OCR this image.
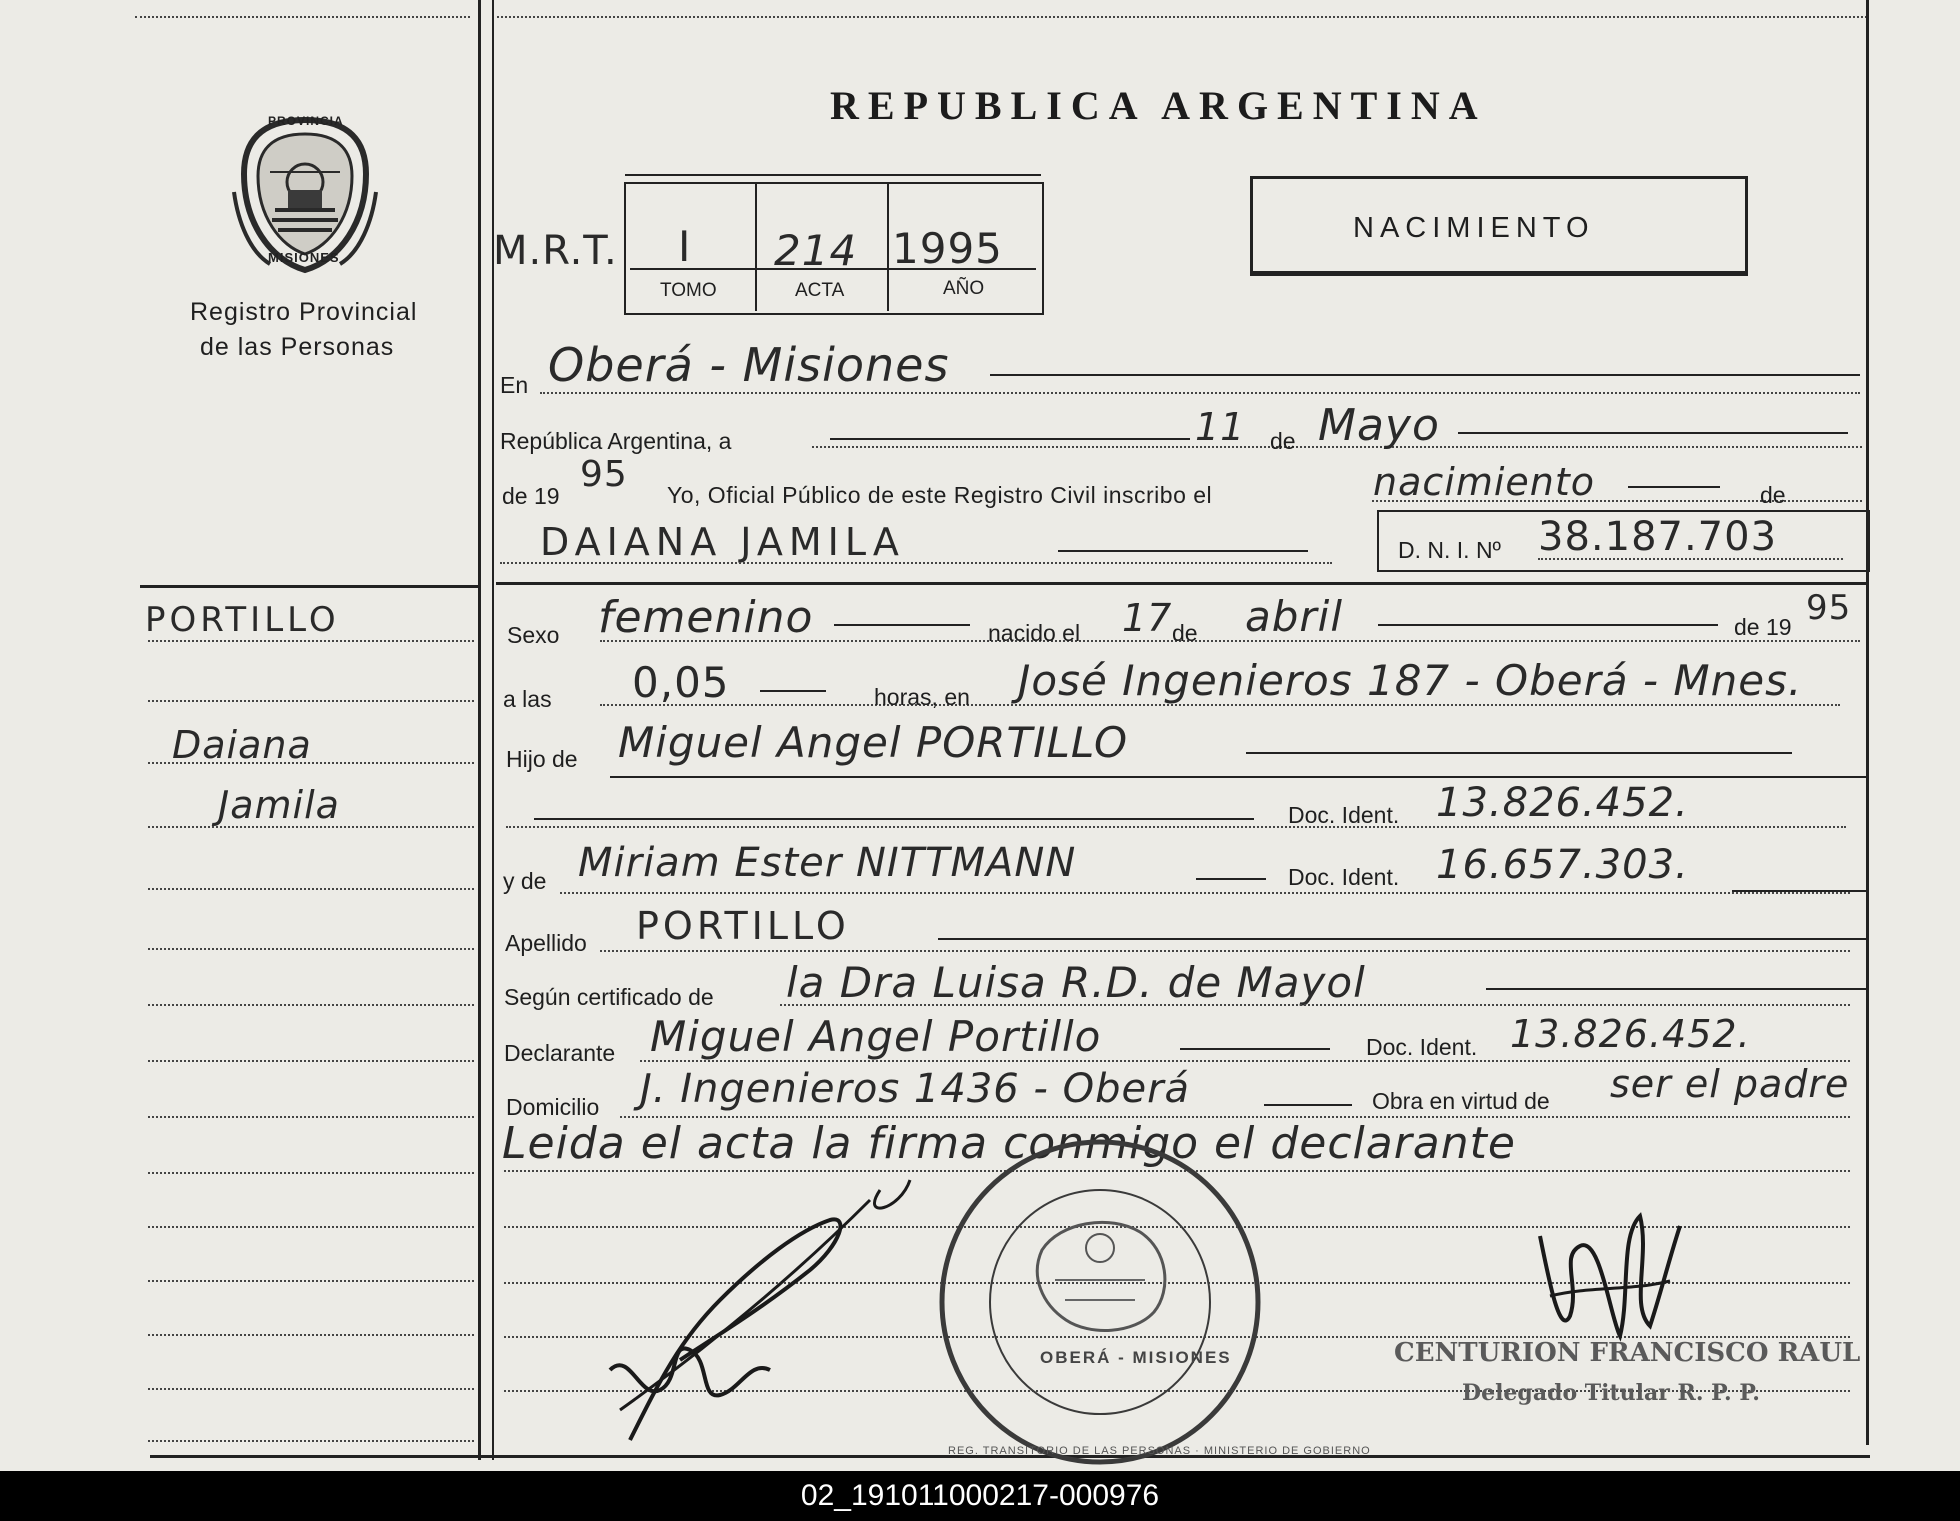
PROVINCIA
MISIONES
Registro Provincial
de las Personas
PORTILLO
Daiana
Jamila
REPUBLICA ARGENTINA
NACIMIENTO
M.R.T. I 214 1995
TOMO	ACTA	AÑO
En Oberá - Misiones
República Argentina, a	11 de Mayo
de 19
95 Yo, Oficial Público de este Registro Civil inscribo el	nacimiento	de
DAIANA JAMILA	D. N. I. Nº 38.187.703
Sexo femenino	nacido el 17 de abril	de 19 95
a las 0,05	horas, en José Ingenieros 187 - Oberá - Mnes.
Hijo de Miguel Angel PORTILLO
Doc. Ident. 13.826.452.
y de Miriam Ester NITTMANN	Doc. Ident. 16.657.303.
Apellido PORTILLO
Según certificado de la Dra Luisa R.D. de Mayol
Declarante Miguel Angel Portillo	Doc. Ident. 13.826.452.
Domicilio J. Ingenieros 1436 - Oberá	Obra en virtud de ser el padre
Leida el acta la firma conmigo el declarante
REG. TRANSITORIO DE LAS PERSONAS · MINISTERIO DE GOBIERNO
OBERÁ - MISIONES	CENTURION FRANCISCO RAUL
Delegado Titular R. P. P.
02_191011000217-000976
